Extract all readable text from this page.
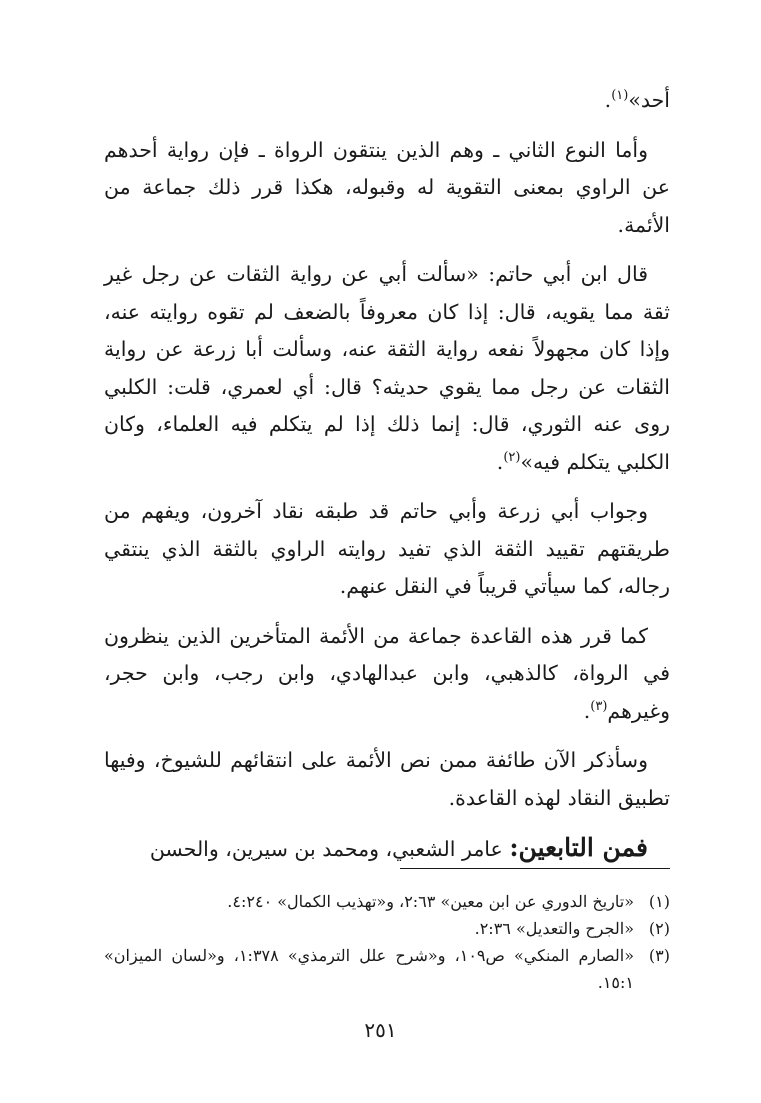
أحد»$^{(١)}$.

وأما النوع الثاني ـ وهم الذين ينتقون الرواة ـ فإن رواية أحدهم عن الراوي بمعنى التقوية له وقبوله، هكذا قرر ذلك جماعة من الأئمة.

قال ابن أبي حاتم: «سألت أبي عن رواية الثقات عن رجل غير ثقة مما يقويه، قال: إذا كان معروفاً بالضعف لم تقوه روايته عنه، وإذا كان مجهولاً نفعه رواية الثقة عنه، وسألت أبا زرعة عن رواية الثقات عن رجل مما يقوي حديثه؟ قال: أي لعمري، قلت: الكلبي روى عنه الثوري، قال: إنما ذلك إذا لم يتكلم فيه العلماء، وكان الكلبي يتكلم فيه»$^{(٢)}$.

وجواب أبي زرعة وأبي حاتم قد طبقه نقاد آخرون، ويفهم من طريقتهم تقييد الثقة الذي تفيد روايته الراوي بالثقة الذي ينتقي رجاله، كما سيأتي قريباً في النقل عنهم.

كما قرر هذه القاعدة جماعة من الأئمة المتأخرين الذين ينظرون في الرواة، كالذهبي، وابن عبدالهادي، وابن رجب، وابن حجر، وغيرهم$^{(٣)}$.

وسأذكر الآن طائفة ممن نص الأئمة على انتقائهم للشيوخ، وفيها تطبيق النقاد لهذه القاعدة.

فمن التابعين: عامر الشعبي، ومحمد بن سيرين، والحسن

(١)
«تاريخ الدوري عن ابن معين» ٢:٦٣، و«تهذيب الكمال» ٤:٢٤٠.
(٢)
«الجرح والتعديل» ٢:٣٦.
(٣)
«الصارم المنكي» ص١٠٩، و«شرح علل الترمذي» ١:٣٧٨، و«لسان الميزان» ١٥:١.
٢٥١
